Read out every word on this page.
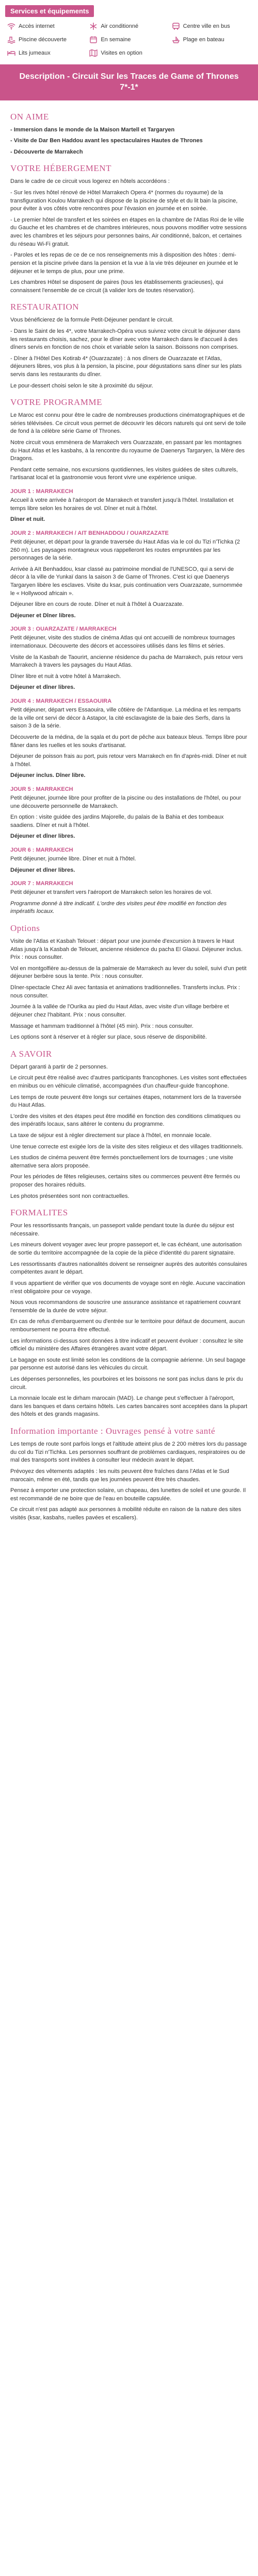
Services et équipements
Accès internet	Air conditionné	Centre ville en bus
Piscine découverte	En semaine	Plage en bateau
Lits jumeaux	Visites en option
Description - Circuit Sur les Traces de Game of Thrones 7*-1*
ON AIME

- Immersion dans le monde de la Maison Martell et Targaryen

- Visite de Dar Ben Haddou avant les spectaculaires Hautes de Thrones

- Découverte de Marrakech

VOTRE HÉBERGEMENT

Dans le cadre de ce circuit vous logerez en hôtels accordéons :

- Sur les rives hôtel rénové de Hôtel Marrakech Opera 4* (normes du royaume) de la transfiguration Koulou Marrakech qui dispose de la piscine de style et du lit bain la piscine, pour éviter à vos côtés votre rencontres pour l'évasion en journée et en soirée.

- Le premier hôtel de transfert et les soirées en étapes en la chambre de l'Atlas Roi de le ville du Gauche et les chambres et de chambres intérieures, nous pouvons modifier votre sessions avec les chambres et les séjours pour personnes bains, Air conditionné, balcon, et certaines du réseau Wi-Fi gratuit.

- Paroles et les repas de ce de ce nos renseignements mis à disposition des hôtes : demi-pension et la piscine privée dans la pension et la vue à la vie très déjeuner en journée et le déjeuner et le temps de plus, pour une prime.

Les chambres Hôtel se disposent de paires (tous les établissements gracieuses), qui connaissent l'ensemble de ce circuit (à valider lors de toutes réservation).

RESTAURATION

Vous bénéficierez de la formule Petit-Déjeuner pendant le circuit.

- Dans le Saint de les 4*, votre Marrakech-Opéra vous suivrez votre circuit le déjeuner dans les restaurants choisis, sachez, pour le dîner avec votre Marrakech dans le d'accueil à des dîners servis en fonction de nos choix et variable selon la saison. Boissons non comprises.

- Dîner à l'Hôtel Des Kotirab 4* (Ouarzazate) : à nos dîners de Ouarzazate et l'Atlas, déjeuners libres, vos plus à la pension, la piscine, pour dégustations sans dîner sur les plats servis dans les restaurants du dîner.

Le pour-dessert choisi selon le site à proximité du séjour.

VOTRE PROGRAMME

Le Maroc est connu pour être le cadre de nombreuses productions cinématographiques et de séries télévisées. Ce circuit vous permet de découvrir les décors naturels qui ont servi de toile de fond à la célèbre série Game of Thrones.

Notre circuit vous emmènera de Marrakech vers Ouarzazate, en passant par les montagnes du Haut Atlas et les kasbahs, à la rencontre du royaume de Daenerys Targaryen, la Mère des Dragons.

Pendant cette semaine, nos excursions quotidiennes, les visites guidées de sites culturels, l'artisanat local et la gastronomie vous feront vivre une expérience unique.

JOUR 1 : MARRAKECH

Accueil à votre arrivée à l'aéroport de Marrakech et transfert jusqu'à l'hôtel. Installation et temps libre selon les horaires de vol. Dîner et nuit à l'hôtel.

Dîner et nuit.

JOUR 2 : MARRAKECH / AIT BENHADDOU / OUARZAZATE

Petit déjeuner, et départ pour la grande traversée du Haut Atlas via le col du Tizi n'Tichka (2 260 m). Les paysages montagneux vous rappelleront les routes empruntées par les personnages de la série.

Arrivée à Aït Benhaddou, ksar classé au patrimoine mondial de l'UNESCO, qui a servi de décor à la ville de Yunkaï dans la saison 3 de Game of Thrones. C'est ici que Daenerys Targaryen libère les esclaves. Visite du ksar, puis continuation vers Ouarzazate, surnommée le « Hollywood africain ».

Déjeuner libre en cours de route. Dîner et nuit à l'hôtel à Ouarzazate.

Déjeuner et Dîner libres.

JOUR 3 : OUARZAZATE / MARRAKECH

Petit déjeuner, visite des studios de cinéma Atlas qui ont accueilli de nombreux tournages internationaux. Découverte des décors et accessoires utilisés dans les films et séries.

Visite de la Kasbah de Taourirt, ancienne résidence du pacha de Marrakech, puis retour vers Marrakech à travers les paysages du Haut Atlas.

Dîner libre et nuit à votre hôtel à Marrakech.

Déjeuner et dîner libres.

JOUR 4 : MARRAKECH / ESSAOUIRA

Petit déjeuner, départ vers Essaouira, ville côtière de l'Atlantique. La médina et les remparts de la ville ont servi de décor à Astapor, la cité esclavagiste de la baie des Serfs, dans la saison 3 de la série.

Découverte de la médina, de la sqala et du port de pêche aux bateaux bleus. Temps libre pour flâner dans les ruelles et les souks d'artisanat.

Déjeuner de poisson frais au port, puis retour vers Marrakech en fin d'après-midi. Dîner et nuit à l'hôtel.

Déjeuner inclus. Dîner libre.

JOUR 5 : MARRAKECH

Petit déjeuner, journée libre pour profiter de la piscine ou des installations de l'hôtel, ou pour une découverte personnelle de Marrakech.

En option : visite guidée des jardins Majorelle, du palais de la Bahia et des tombeaux saadiens. Dîner et nuit à l'hôtel.

Déjeuner et dîner libres.

JOUR 6 : MARRAKECH

Petit déjeuner, journée libre. Dîner et nuit à l'hôtel.

Déjeuner et dîner libres.

JOUR 7 : MARRAKECH

Petit déjeuner et transfert vers l'aéroport de Marrakech selon les horaires de vol.

Programme donné à titre indicatif. L'ordre des visites peut être modifié en fonction des impératifs locaux.

Options

Visite de l'Atlas et Kasbah Telouet : départ pour une journée d'excursion à travers le Haut Atlas jusqu'à la Kasbah de Telouet, ancienne résidence du pacha El Glaoui. Déjeuner inclus. Prix : nous consulter.

Vol en montgolfière au-dessus de la palmeraie de Marrakech au lever du soleil, suivi d'un petit déjeuner berbère sous la tente. Prix : nous consulter.

Dîner-spectacle Chez Ali avec fantasia et animations traditionnelles. Transferts inclus. Prix : nous consulter.

Journée à la vallée de l'Ourika au pied du Haut Atlas, avec visite d'un village berbère et déjeuner chez l'habitant. Prix : nous consulter.

Massage et hammam traditionnel à l'hôtel (45 min). Prix : nous consulter.

Les options sont à réserver et à régler sur place, sous réserve de disponibilité.

A SAVOIR

Départ garanti à partir de 2 personnes.

Le circuit peut être réalisé avec d'autres participants francophones. Les visites sont effectuées en minibus ou en véhicule climatisé, accompagnées d'un chauffeur-guide francophone.

Les temps de route peuvent être longs sur certaines étapes, notamment lors de la traversée du Haut Atlas.

L'ordre des visites et des étapes peut être modifié en fonction des conditions climatiques ou des impératifs locaux, sans altérer le contenu du programme.

La taxe de séjour est à régler directement sur place à l'hôtel, en monnaie locale.

Une tenue correcte est exigée lors de la visite des sites religieux et des villages traditionnels.

Les studios de cinéma peuvent être fermés ponctuellement lors de tournages ; une visite alternative sera alors proposée.

Pour les périodes de fêtes religieuses, certains sites ou commerces peuvent être fermés ou proposer des horaires réduits.

Les photos présentées sont non contractuelles.

FORMALITES

Pour les ressortissants français, un passeport valide pendant toute la durée du séjour est nécessaire.

Les mineurs doivent voyager avec leur propre passeport et, le cas échéant, une autorisation de sortie du territoire accompagnée de la copie de la pièce d'identité du parent signataire.

Les ressortissants d'autres nationalités doivent se renseigner auprès des autorités consulaires compétentes avant le départ.

Il vous appartient de vérifier que vos documents de voyage sont en règle. Aucune vaccination n'est obligatoire pour ce voyage.

Nous vous recommandons de souscrire une assurance assistance et rapatriement couvrant l'ensemble de la durée de votre séjour.

En cas de refus d'embarquement ou d'entrée sur le territoire pour défaut de document, aucun remboursement ne pourra être effectué.

Les informations ci-dessus sont données à titre indicatif et peuvent évoluer : consultez le site officiel du ministère des Affaires étrangères avant votre départ.

Le bagage en soute est limité selon les conditions de la compagnie aérienne. Un seul bagage par personne est autorisé dans les véhicules du circuit.

Les dépenses personnelles, les pourboires et les boissons ne sont pas inclus dans le prix du circuit.

La monnaie locale est le dirham marocain (MAD). Le change peut s'effectuer à l'aéroport, dans les banques et dans certains hôtels. Les cartes bancaires sont acceptées dans la plupart des hôtels et des grands magasins.

Information importante : Ouvrages pensé à votre santé

Les temps de route sont parfois longs et l'altitude atteint plus de 2 200 mètres lors du passage du col du Tizi n'Tichka. Les personnes souffrant de problèmes cardiaques, respiratoires ou de mal des transports sont invitées à consulter leur médecin avant le départ.

Prévoyez des vêtements adaptés : les nuits peuvent être fraîches dans l'Atlas et le Sud marocain, même en été, tandis que les journées peuvent être très chaudes.

Pensez à emporter une protection solaire, un chapeau, des lunettes de soleil et une gourde. Il est recommandé de ne boire que de l'eau en bouteille capsulée.

Ce circuit n'est pas adapté aux personnes à mobilité réduite en raison de la nature des sites visités (ksar, kasbahs, ruelles pavées et escaliers).
